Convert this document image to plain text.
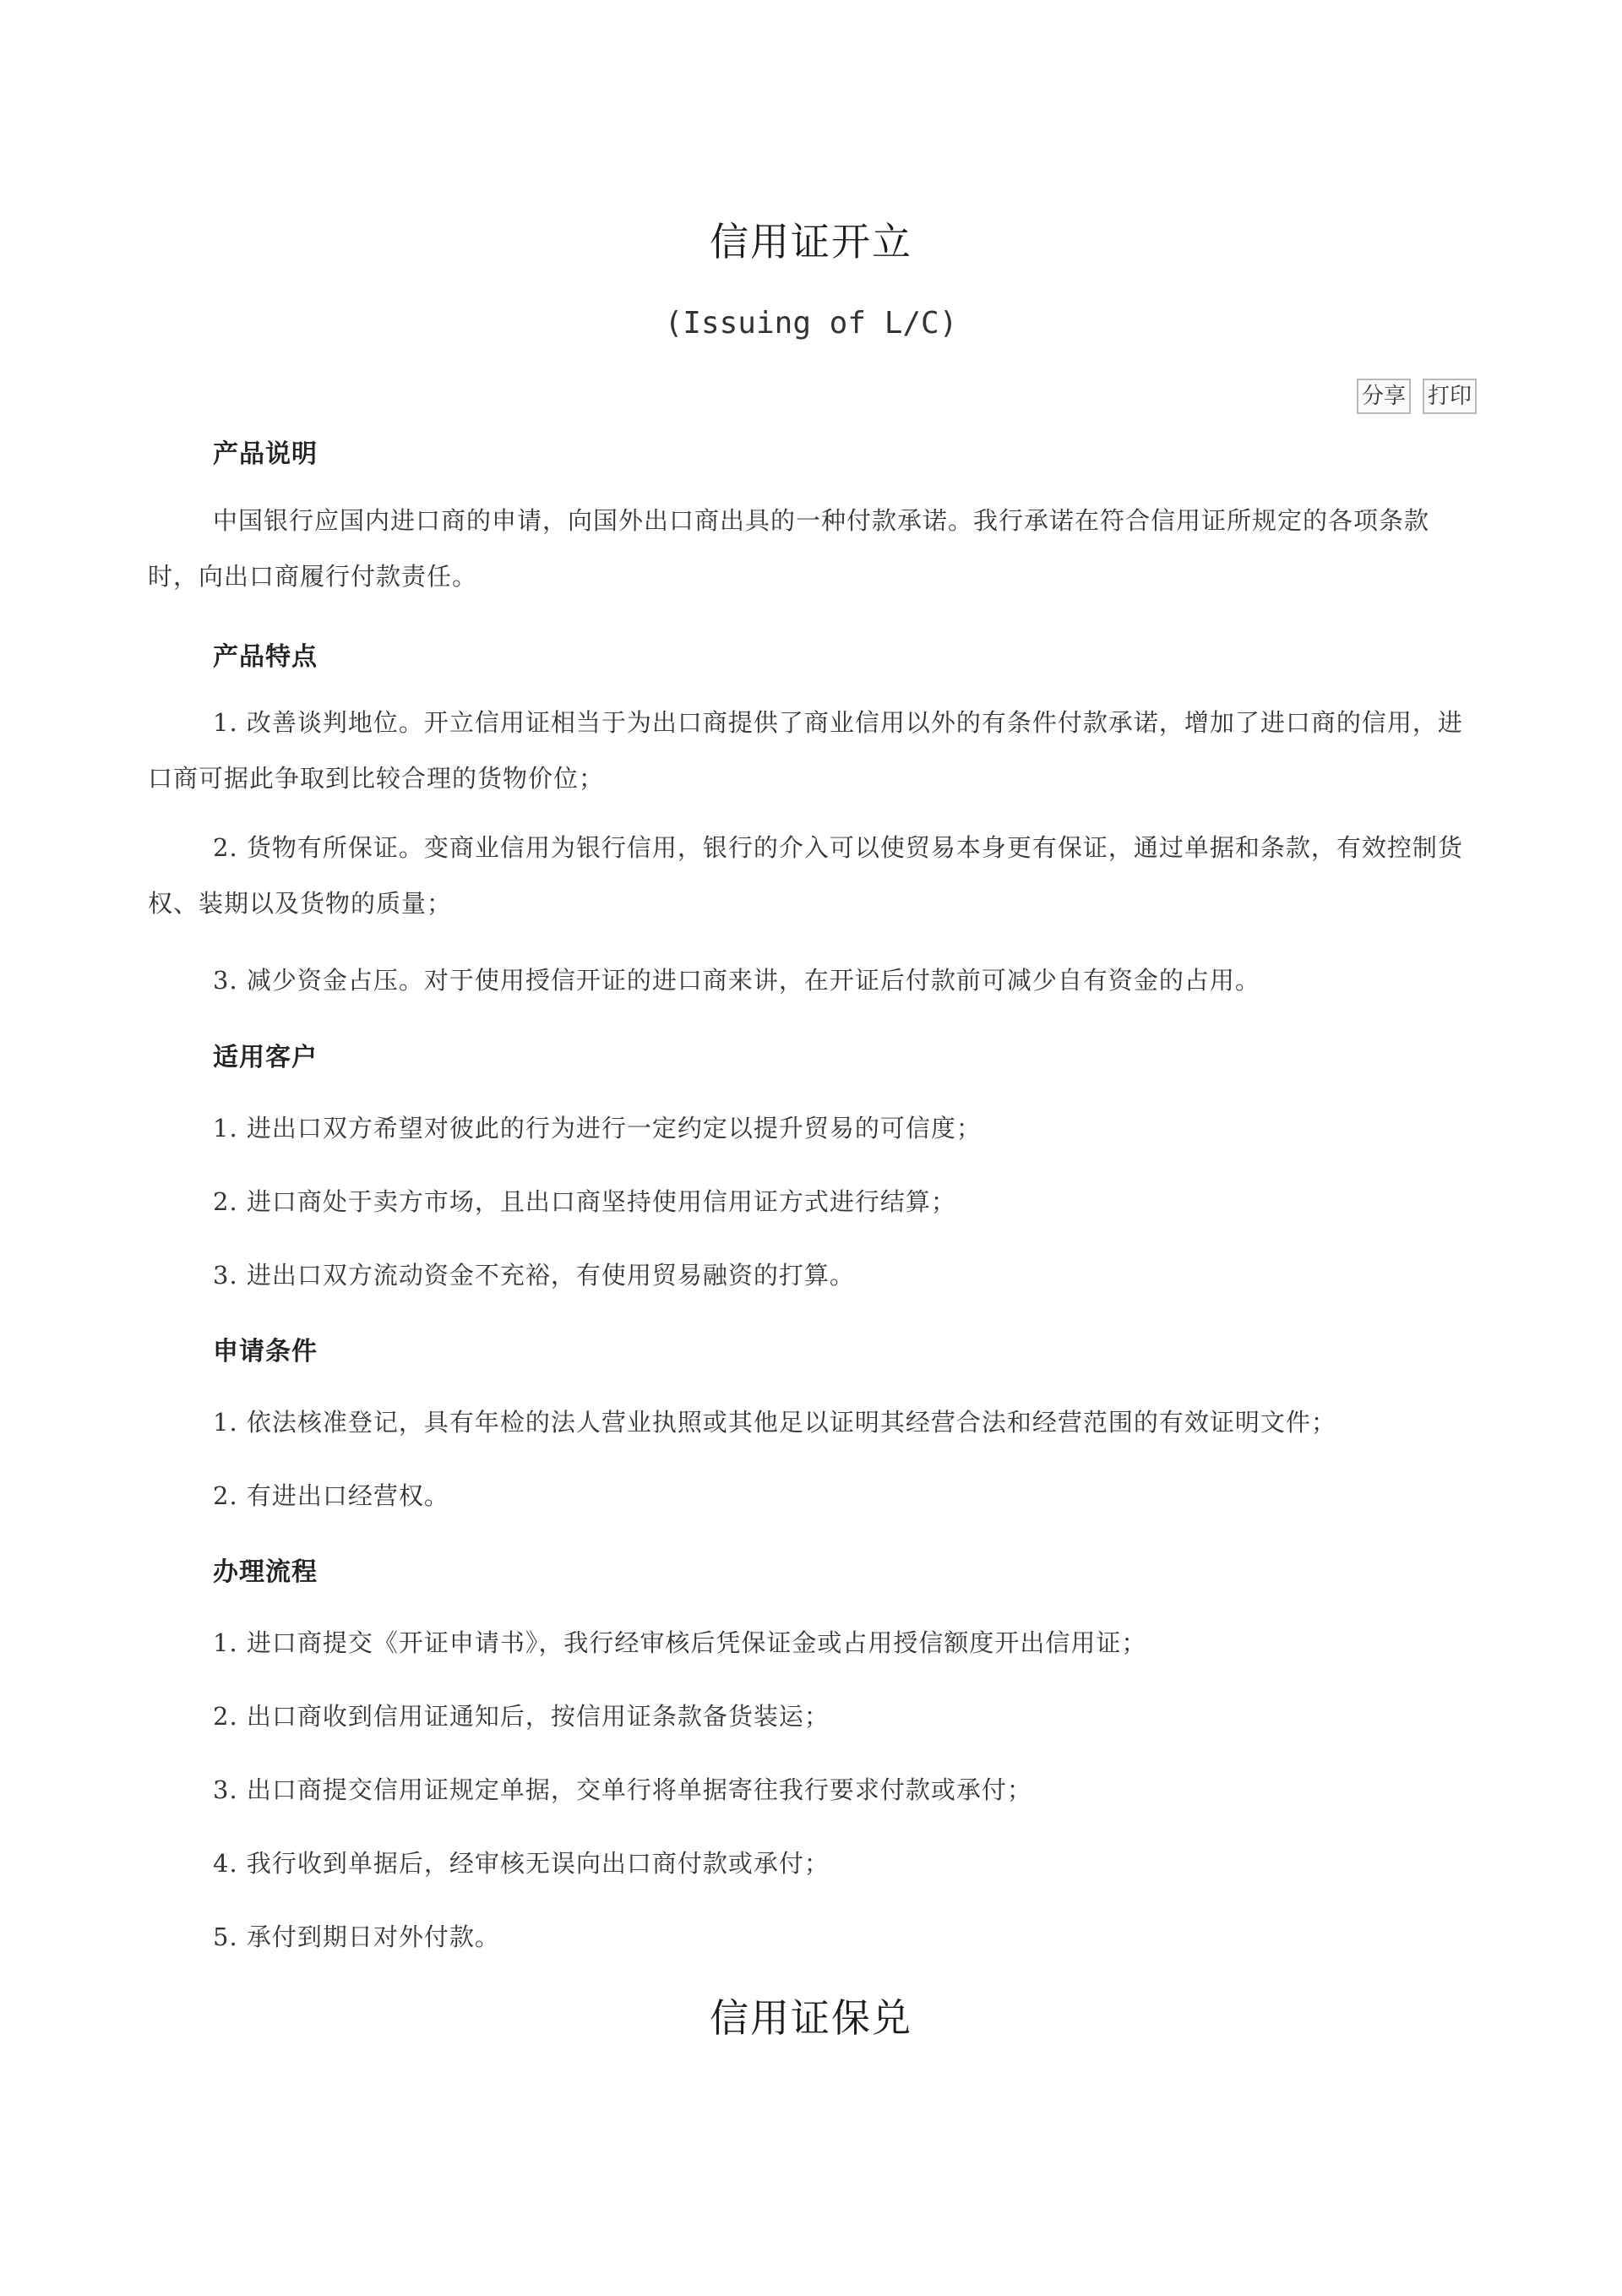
信用证开立
(Issuing of L/C)
分享 打印
产品说明
中国银行应国内进口商的申请，向国外出口商出具的一种付款承诺。我行承诺在符合信用证所规定的各项条款时，向出口商履行付款责任。
产品特点
1. 改善谈判地位。开立信用证相当于为出口商提供了商业信用以外的有条件付款承诺，增加了进口商的信用，进口商可据此争取到比较合理的货物价位；
2. 货物有所保证。变商业信用为银行信用，银行的介入可以使贸易本身更有保证，通过单据和条款，有效控制货权、装期以及货物的质量；
3. 减少资金占压。对于使用授信开证的进口商来讲，在开证后付款前可减少自有资金的占用。
适用客户
1. 进出口双方希望对彼此的行为进行一定约定以提升贸易的可信度；
2. 进口商处于卖方市场，且出口商坚持使用信用证方式进行结算；
3. 进出口双方流动资金不充裕，有使用贸易融资的打算。
申请条件
1. 依法核准登记，具有年检的法人营业执照或其他足以证明其经营合法和经营范围的有效证明文件；
2. 有进出口经营权。
办理流程
1. 进口商提交《开证申请书》，我行经审核后凭保证金或占用授信额度开出信用证；
2. 出口商收到信用证通知后，按信用证条款备货装运；
3. 出口商提交信用证规定单据，交单行将单据寄往我行要求付款或承付；
4. 我行收到单据后，经审核无误向出口商付款或承付；
5. 承付到期日对外付款。
信用证保兑
